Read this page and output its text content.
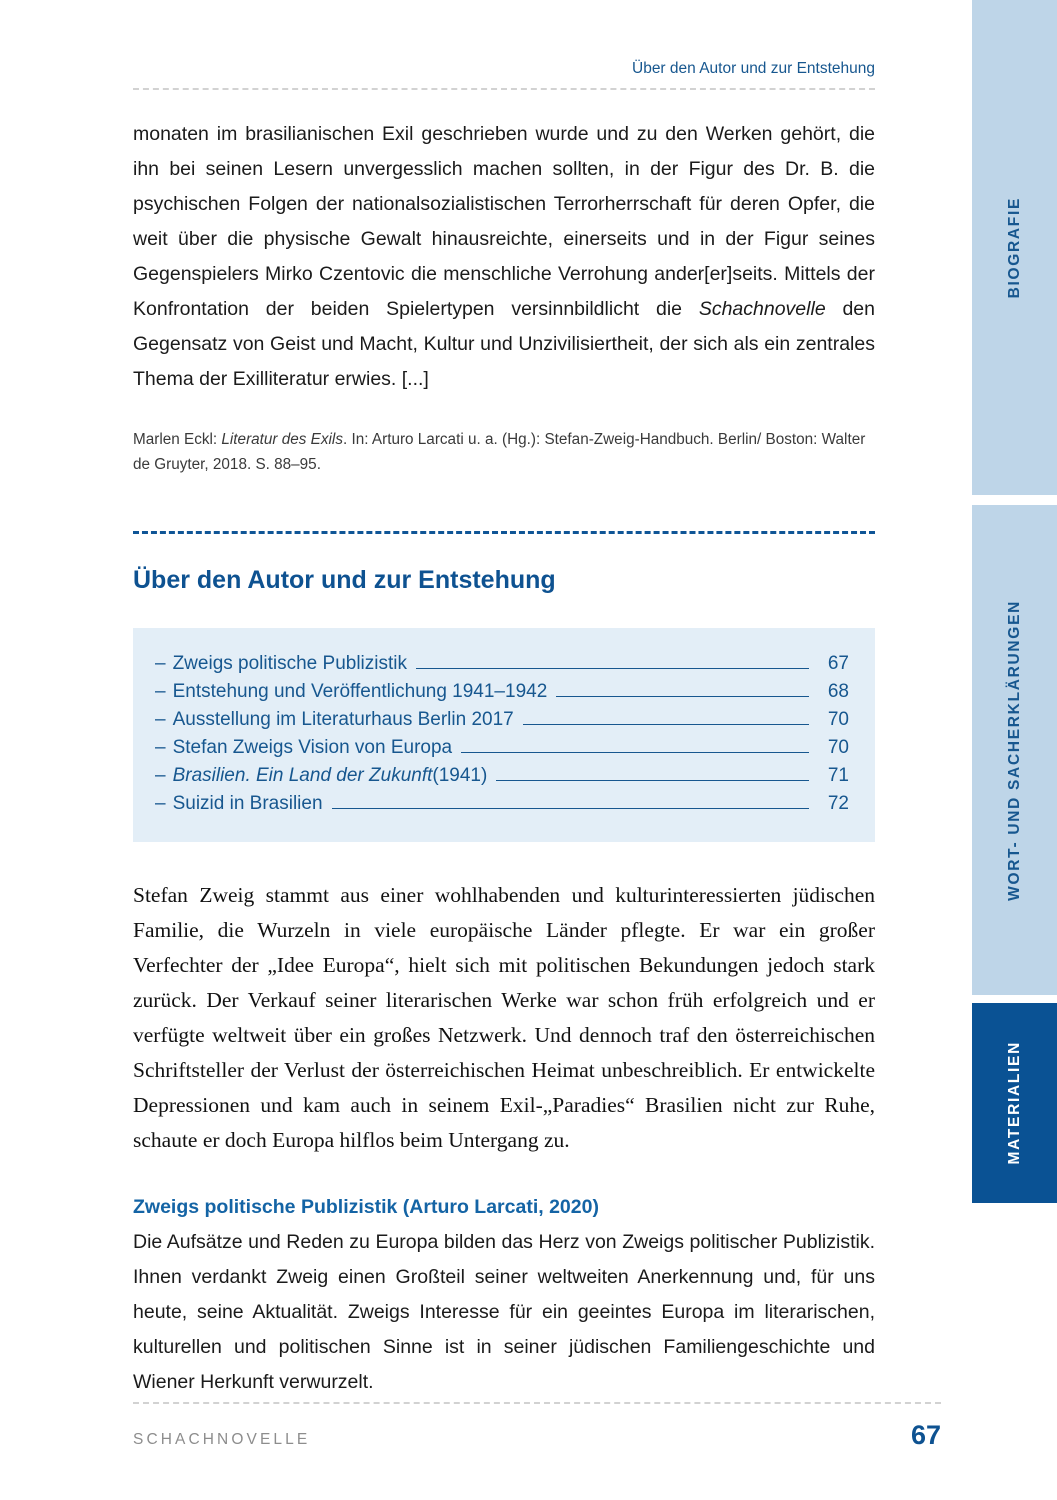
BIOGRAFIE
WORT- UND SACHERKLÄRUNGEN
MATERIALIEN
Über den Autor und zur Entstehung

monaten im brasilianischen Exil geschrieben wurde und zu den Werken gehört, die ihn bei seinen Lesern unvergesslich machen sollten, in der Figur des Dr. B. die psychischen Folgen der nationalsozialistischen Terrorherrschaft für deren Opfer, die weit über die physische Gewalt hinausreichte, einerseits und in der Figur seines Gegenspielers Mirko Czentovic die menschliche Verrohung ander[er]seits. Mittels der Konfrontation der beiden Spielertypen versinnbildlicht die Schachnovelle den Gegensatz von Geist und Macht, Kultur und Unzivilisiertheit, der sich als ein zentrales Thema der Exilliteratur erwies. [...]

Marlen Eckl: Literatur des Exils. In: Arturo Larcati u. a. (Hg.): Stefan-Zweig-Handbuch. Berlin/ Boston: Walter de Gruyter, 2018. S. 88–95.

Über den Autor und zur Entstehung
– Zweigs politische Publizistik	67
– Entstehung und Veröffentlichung 1941–1942	68
– Ausstellung im Literaturhaus Berlin 2017	70
– Stefan Zweigs Vision von Europa	70
– Brasilien. Ein Land der Zukunft (1941)	71
– Suizid in Brasilien	72

Stefan Zweig stammt aus einer wohlhabenden und kulturinteressierten jüdischen Familie, die Wurzeln in viele europäische Länder pflegte. Er war ein großer Verfechter der „Idee Europa“, hielt sich mit politischen Bekundungen jedoch stark zurück. Der Verkauf seiner literarischen Werke war schon früh erfolgreich und er verfügte weltweit über ein großes Netzwerk. Und dennoch traf den österreichischen Schriftsteller der Verlust der österreichischen Heimat unbeschreiblich. Er entwickelte Depressionen und kam auch in seinem Exil-„Paradies“ Brasilien nicht zur Ruhe, schaute er doch Europa hilflos beim Untergang zu.

Zweigs politische Publizistik (Arturo Larcati, 2020)

Die Aufsätze und Reden zu Europa bilden das Herz von Zweigs politischer Publizistik. Ihnen verdankt Zweig einen Großteil seiner weltweiten Anerkennung und, für uns heute, seine Aktualität. Zweigs Interesse für ein geeintes Europa im literarischen, kulturellen und politischen Sinne ist in seiner jüdischen Familiengeschichte und Wiener Herkunft verwurzelt.

SCHACHNOVELLE	67
